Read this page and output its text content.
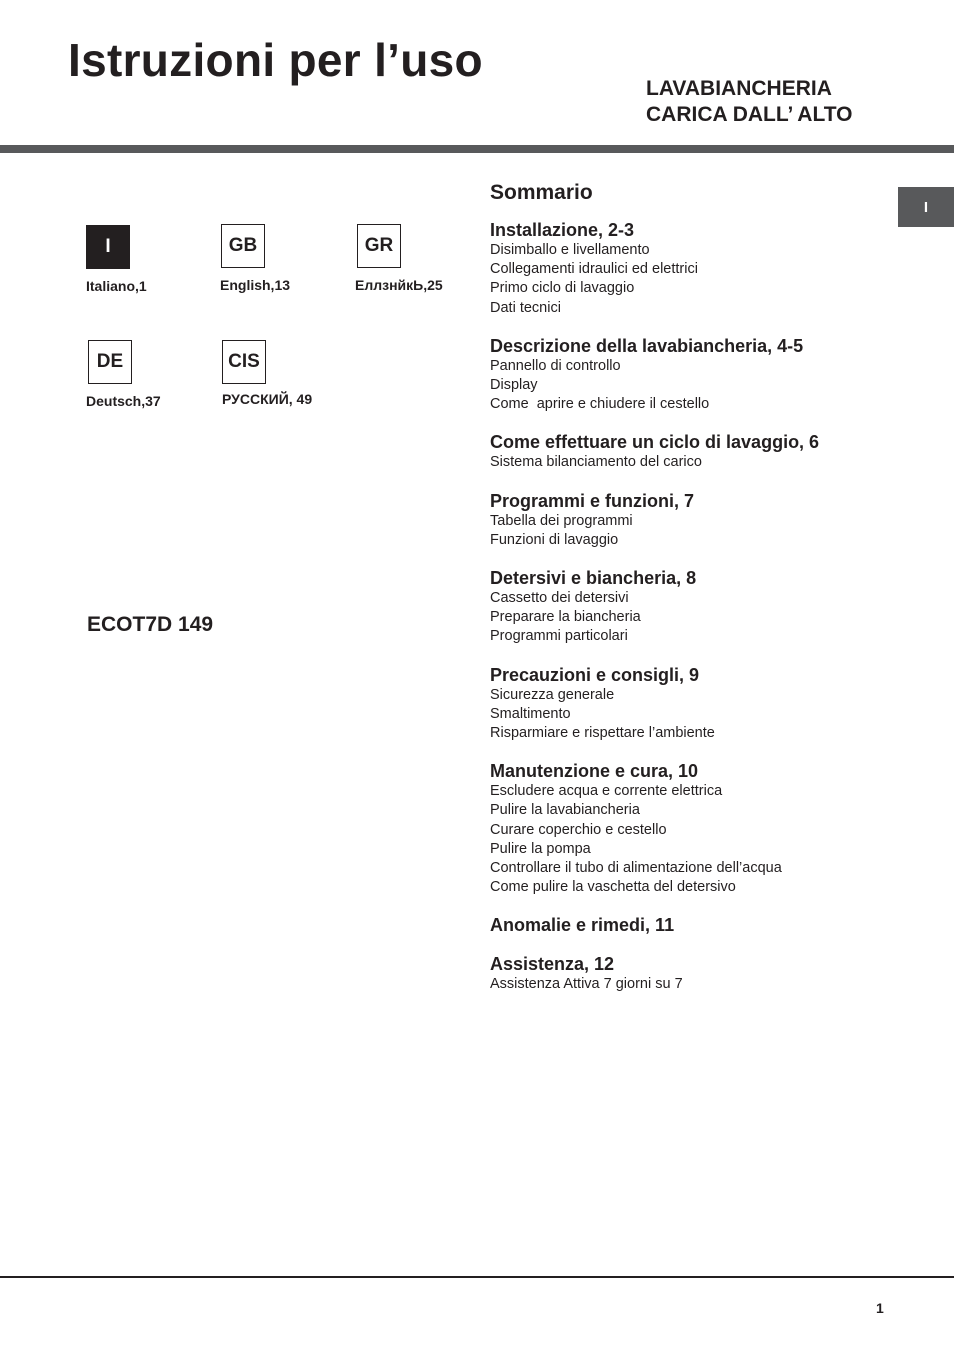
Istruzioni per l’uso
LAVABIANCHERIA
CARICA DALL’ ALTO
I
I
Italiano,1
GB
English,13
GR
ЕллзнйкЬ,25
DE
Deutsch,37
CIS
РУССКИЙ, 49
ECOT7D 149
Sommario
Installazione, 2-3
Disimballo e livellamento
Collegamenti idraulici ed elettrici
Primo ciclo di lavaggio
Dati tecnici
Descrizione della lavabiancheria, 4-5
Pannello di controllo
Display
Come  aprire e chiudere il cestello
Come effettuare un ciclo di lavaggio, 6
Sistema bilanciamento del carico
Programmi e funzioni, 7
Tabella dei programmi
Funzioni di lavaggio
Detersivi e biancheria, 8
Cassetto dei detersivi
Preparare la biancheria
Programmi particolari
Precauzioni e consigli, 9
Sicurezza generale
Smaltimento
Risparmiare e rispettare l’ambiente
Manutenzione e cura, 10
Escludere acqua e corrente elettrica
Pulire la lavabiancheria
Curare coperchio e cestello
Pulire la pompa
Controllare il tubo di alimentazione dell’acqua
Come pulire la vaschetta del detersivo
Anomalie e rimedi, 11
Assistenza, 12
Assistenza Attiva 7 giorni su 7
1
